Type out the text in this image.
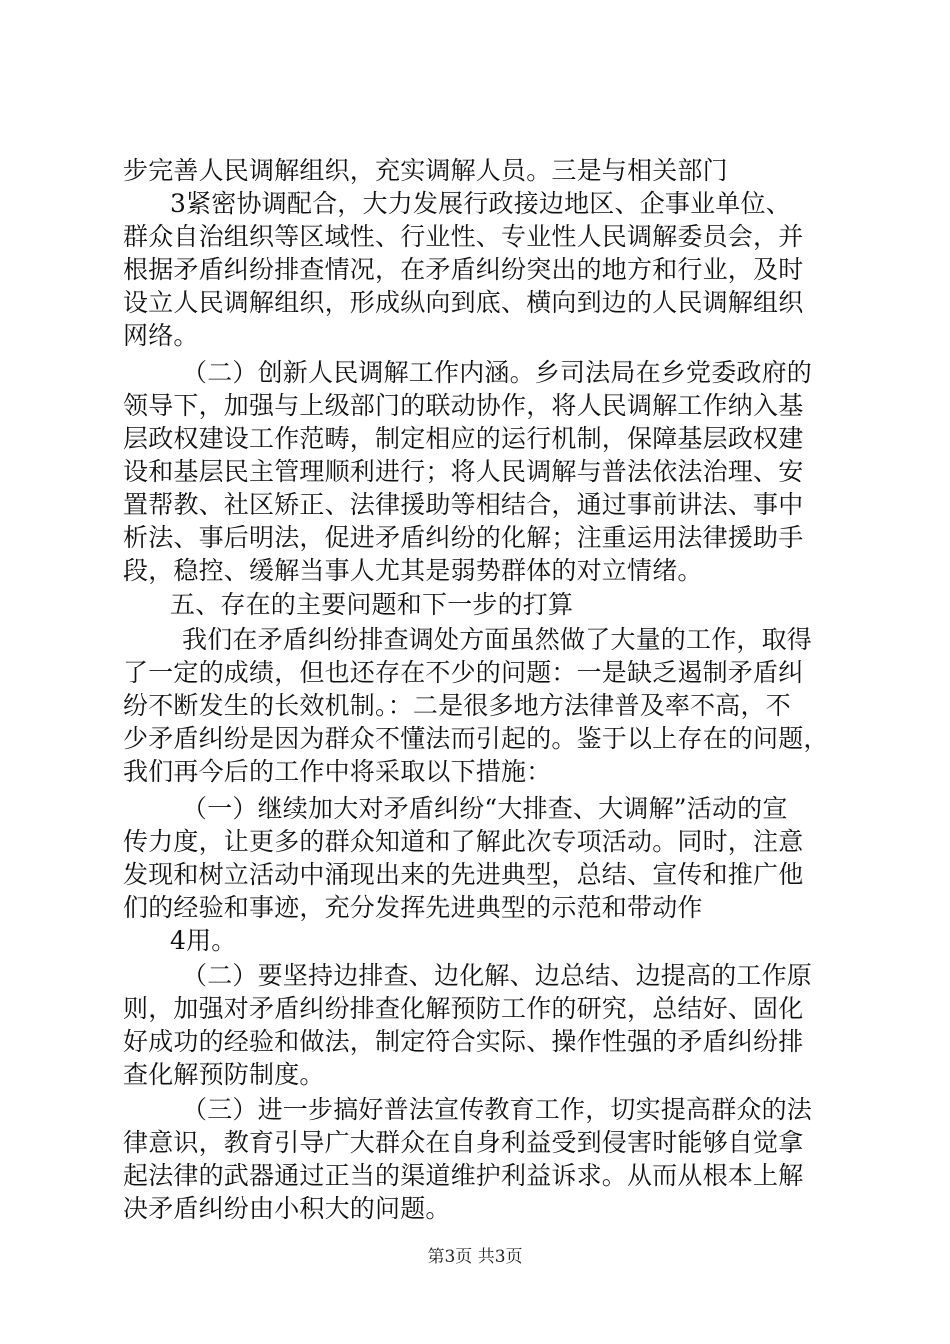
步完善人民调解组织，充实调解人员。三是与相关部门
3紧密协调配合，大力发展行政接边地区、企事业单位、
群众自治组织等区域性、行业性、专业性人民调解委员会，并
根据矛盾纠纷排查情况，在矛盾纠纷突出的地方和行业，及时
设立人民调解组织，形成纵向到底、横向到边的人民调解组织
网络。
（二）创新人民调解工作内涵。乡司法局在乡党委政府的
领导下，加强与上级部门的联动协作，将人民调解工作纳入基
层政权建设工作范畴，制定相应的运行机制，保障基层政权建
设和基层民主管理顺利进行；将人民调解与普法依法治理、安
置帮教、社区矫正、法律援助等相结合，通过事前讲法、事中
析法、事后明法，促进矛盾纠纷的化解；注重运用法律援助手
段，稳控、缓解当事人尤其是弱势群体的对立情绪。
五、存在的主要问题和下一步的打算
我们在矛盾纠纷排查调处方面虽然做了大量的工作，取得
了一定的成绩，但也还存在不少的问题：一是缺乏遏制矛盾纠
纷不断发生的长效机制。：二是很多地方法律普及率不高，不
少矛盾纠纷是因为群众不懂法而引起的。鉴于以上存在的问题，
我们再今后的工作中将采取以下措施：
（一）继续加大对矛盾纠纷“大排查、大调解”活动的宣
传力度，让更多的群众知道和了解此次专项活动。同时，注意
发现和树立活动中涌现出来的先进典型，总结、宣传和推广他
们的经验和事迹，充分发挥先进典型的示范和带动作
4用。
（二）要坚持边排查、边化解、边总结、边提高的工作原
则，加强对矛盾纠纷排查化解预防工作的研究，总结好、固化
好成功的经验和做法，制定符合实际、操作性强的矛盾纠纷排
查化解预防制度。
（三）进一步搞好普法宣传教育工作，切实提高群众的法
律意识，教育引导广大群众在自身利益受到侵害时能够自觉拿
起法律的武器通过正当的渠道维护利益诉求。从而从根本上解
决矛盾纠纷由小积大的问题。
第3页 共3页
